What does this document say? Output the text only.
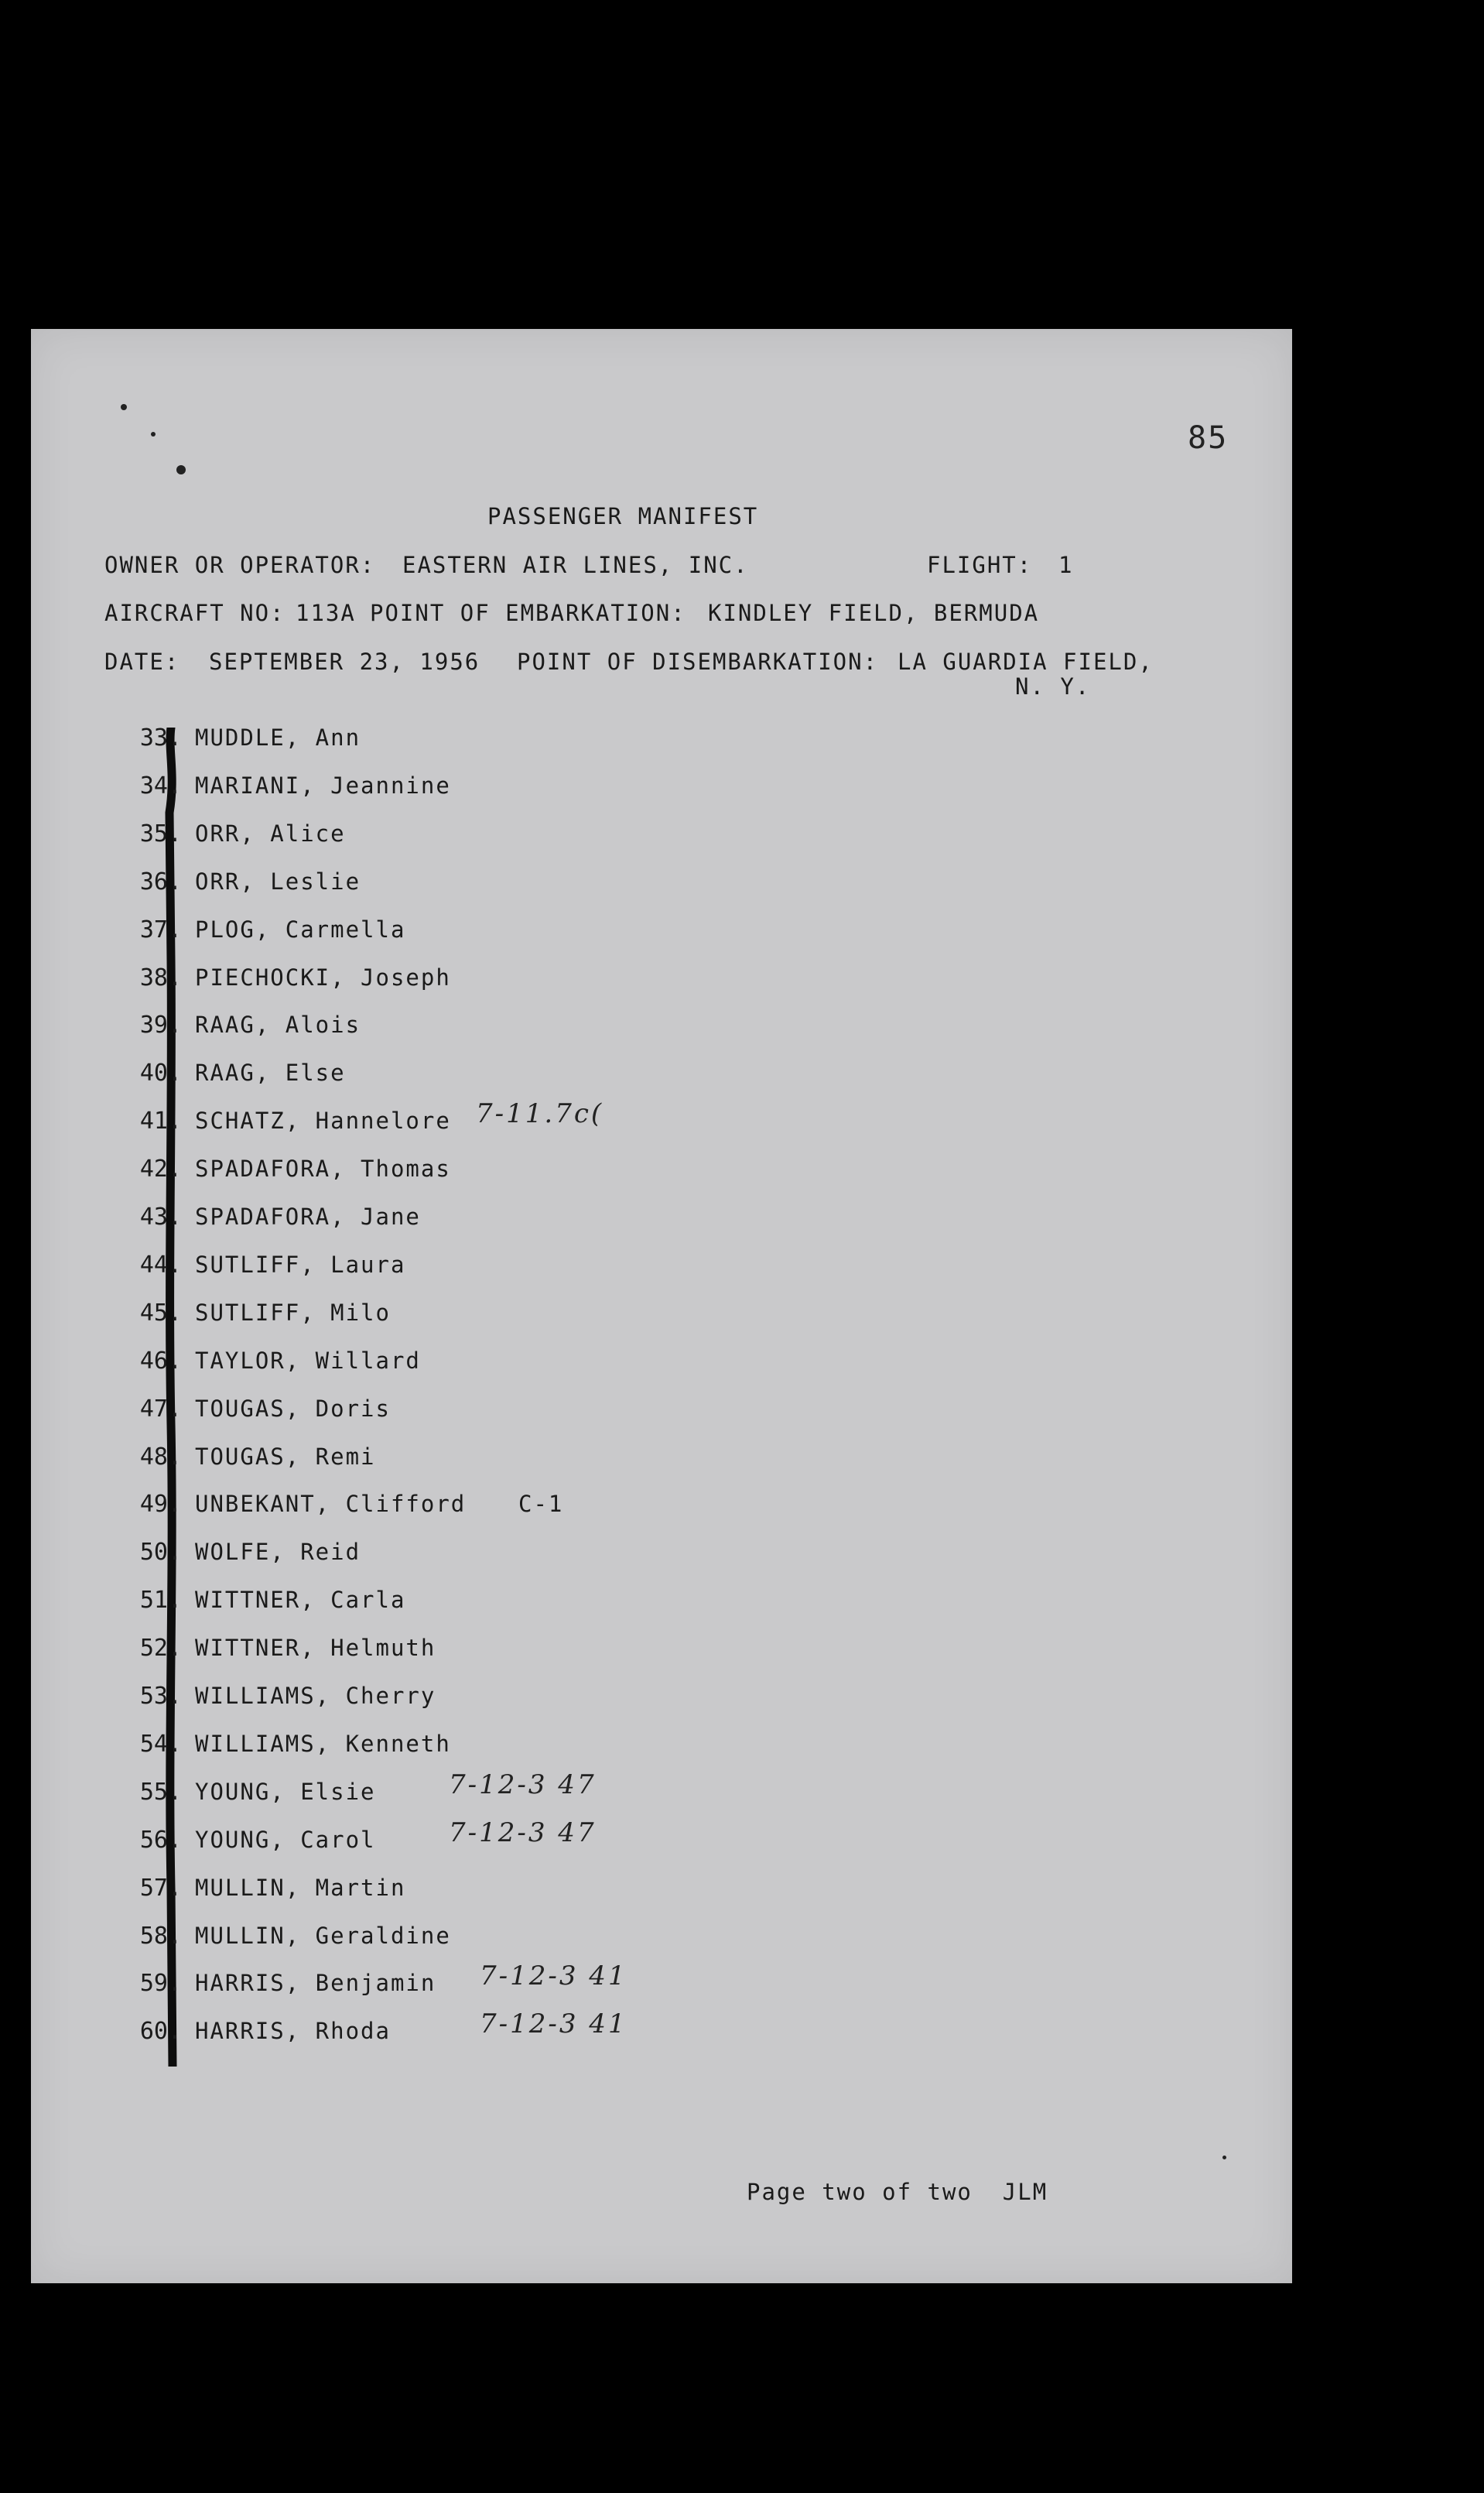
85
PASSENGER MANIFEST
OWNER OR OPERATOR: EASTERN AIR LINES, INC.	FLIGHT: 1
AIRCRAFT NO: 113A POINT OF EMBARKATION: KINDLEY FIELD, BERMUDA
DATE: SEPTEMBER 23, 1956 POINT OF DISEMBARKATION: LA GUARDIA FIELD,
N. Y.
33. MUDDLE, Ann
34. MARIANI, Jeannine
35. ORR, Alice
36. ORR, Leslie
37. PLOG, Carmella
38. PIECHOCKI, Joseph
39. RAAG, Alois
40. RAAG, Else
41. SCHATZ, Hannelore 7-11.7c(
42. SPADAFORA, Thomas
43. SPADAFORA, Jane
44. SUTLIFF, Laura
45. SUTLIFF, Milo
46. TAYLOR, Willard
47. TOUGAS, Doris
48. TOUGAS, Remi
49. UNBEKANT, Clifford C-1
50. WOLFE, Reid
51. WITTNER, Carla
52. WITTNER, Helmuth
53. WILLIAMS, Cherry
54. WILLIAMS, Kenneth
55. YOUNG, Elsie	7-12-3 47
56. YOUNG, Carol	7-12-3 47
57. MULLIN, Martin
58. MULLIN, Geraldine
59. HARRIS, Benjamin 7-12-3 41
60. HARRIS, Rhoda	7-12-3 41
Page two of two  JLM
